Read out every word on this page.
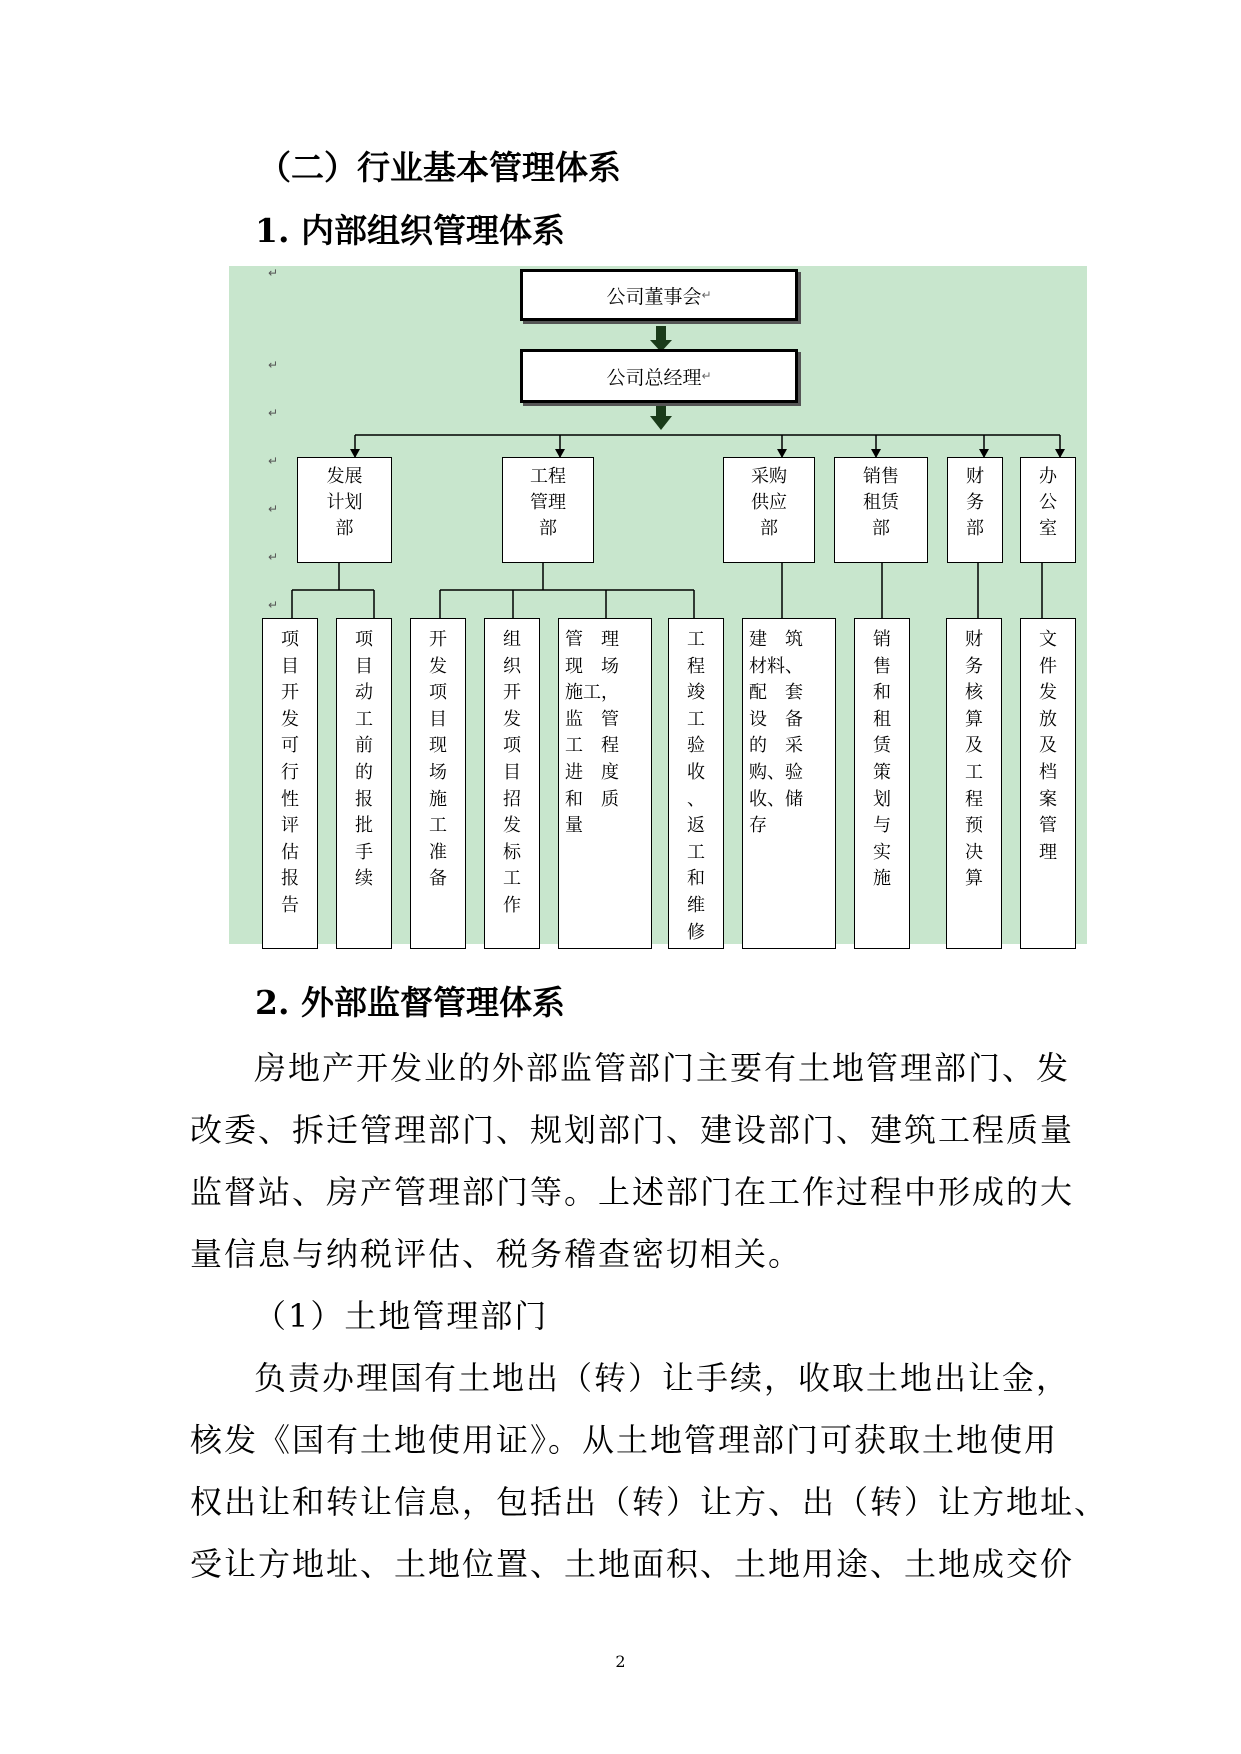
（二）行业基本管理体系
1. 内部组织管理体系
↵
↵
↵
↵
↵
↵
↵
公司董事会 ↵
公司总经理 ↵
发展
计划
部
工程
管理
部
采购
供应
部
销售
租赁
部
财
务
部
办
公
室
项
目
开
发
可
行
性
评
估
报
告
项
目
动
工
前
的
报
批
手
续
开
发
项
目
现
场
施
工
准
备
组
织
开
发
项
目
招
发
标
工
作
管　理
现　场
施工，
监　管
工　程
进　度
和　质
量
工
程
竣
工
验
收
、
返
工
和
维
修
建　筑
材料、
配　套
设　备
的　采
购、验
收、储
存
销
售
和
租
赁
策
划
与
实
施
财
务
核
算
及
工
程
预
决
算
文
件
发
放
及
档
案
管
理
2. 外部监督管理体系
房地产开发业的外部监管部门主要有土地管理部门、发
改委、拆迁管理部门、规划部门、建设部门、建筑工程质量
监督站、房产管理部门等。上述部门在工作过程中形成的大
量信息与纳税评估、税务稽查密切相关。
（1）土地管理部门
负责办理国有土地出（转）让手续，收取土地出让金，
核发《国有土地使用证》。从土地管理部门可获取土地使用
权出让和转让信息，包括出（转）让方、出（转）让方地址、
受让方地址、土地位置、土地面积、土地用途、土地成交价
2
